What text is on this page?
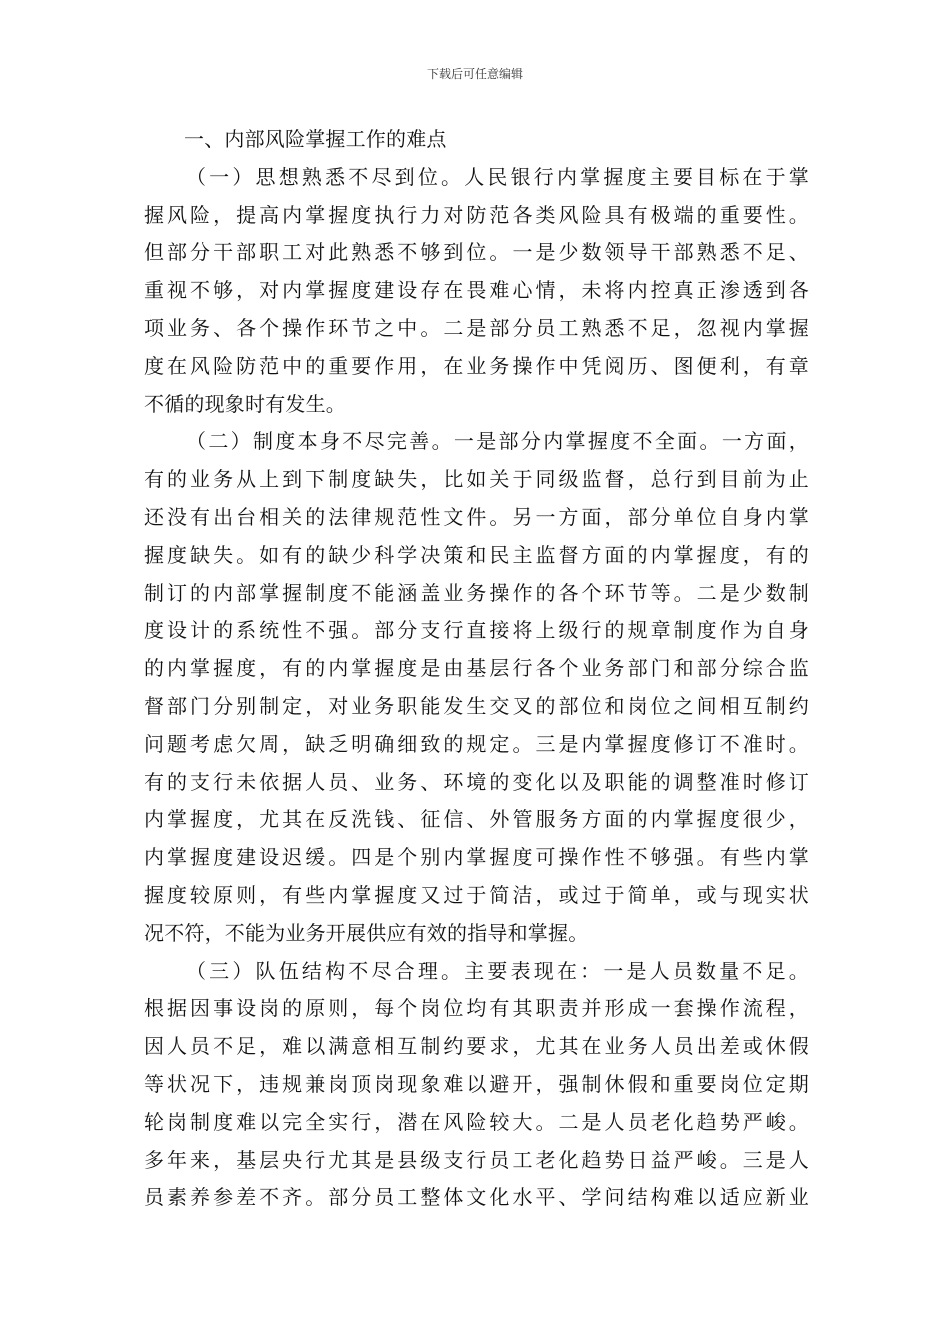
下载后可任意编辑
一、内部风险掌握工作的难点
（一）思想熟悉不尽到位。人民银行内掌握度主要目标在于掌
握风险，提高内掌握度执行力对防范各类风险具有极端的重要性。
但部分干部职工对此熟悉不够到位。一是少数领导干部熟悉不足、
重视不够，对内掌握度建设存在畏难心情，未将内控真正渗透到各
项业务、各个操作环节之中。二是部分员工熟悉不足，忽视内掌握
度在风险防范中的重要作用，在业务操作中凭阅历、图便利，有章
不循的现象时有发生。
（二）制度本身不尽完善。一是部分内掌握度不全面。一方面，
有的业务从上到下制度缺失，比如关于同级监督，总行到目前为止
还没有出台相关的法律规范性文件。另一方面，部分单位自身内掌
握度缺失。如有的缺少科学决策和民主监督方面的内掌握度，有的
制订的内部掌握制度不能涵盖业务操作的各个环节等。二是少数制
度设计的系统性不强。部分支行直接将上级行的规章制度作为自身
的内掌握度，有的内掌握度是由基层行各个业务部门和部分综合监
督部门分别制定，对业务职能发生交叉的部位和岗位之间相互制约
问题考虑欠周，缺乏明确细致的规定。三是内掌握度修订不准时。
有的支行未依据人员、业务、环境的变化以及职能的调整准时修订
内掌握度，尤其在反洗钱、征信、外管服务方面的内掌握度很少，
内掌握度建设迟缓。四是个别内掌握度可操作性不够强。有些内掌
握度较原则，有些内掌握度又过于简洁，或过于简单，或与现实状
况不符，不能为业务开展供应有效的指导和掌握。
（三）队伍结构不尽合理。主要表现在：一是人员数量不足。
根据因事设岗的原则，每个岗位均有其职责并形成一套操作流程，
因人员不足，难以满意相互制约要求，尤其在业务人员出差或休假
等状况下，违规兼岗顶岗现象难以避开，强制休假和重要岗位定期
轮岗制度难以完全实行，潜在风险较大。二是人员老化趋势严峻。
多年来，基层央行尤其是县级支行员工老化趋势日益严峻。三是人
员素养参差不齐。部分员工整体文化水平、学问结构难以适应新业
